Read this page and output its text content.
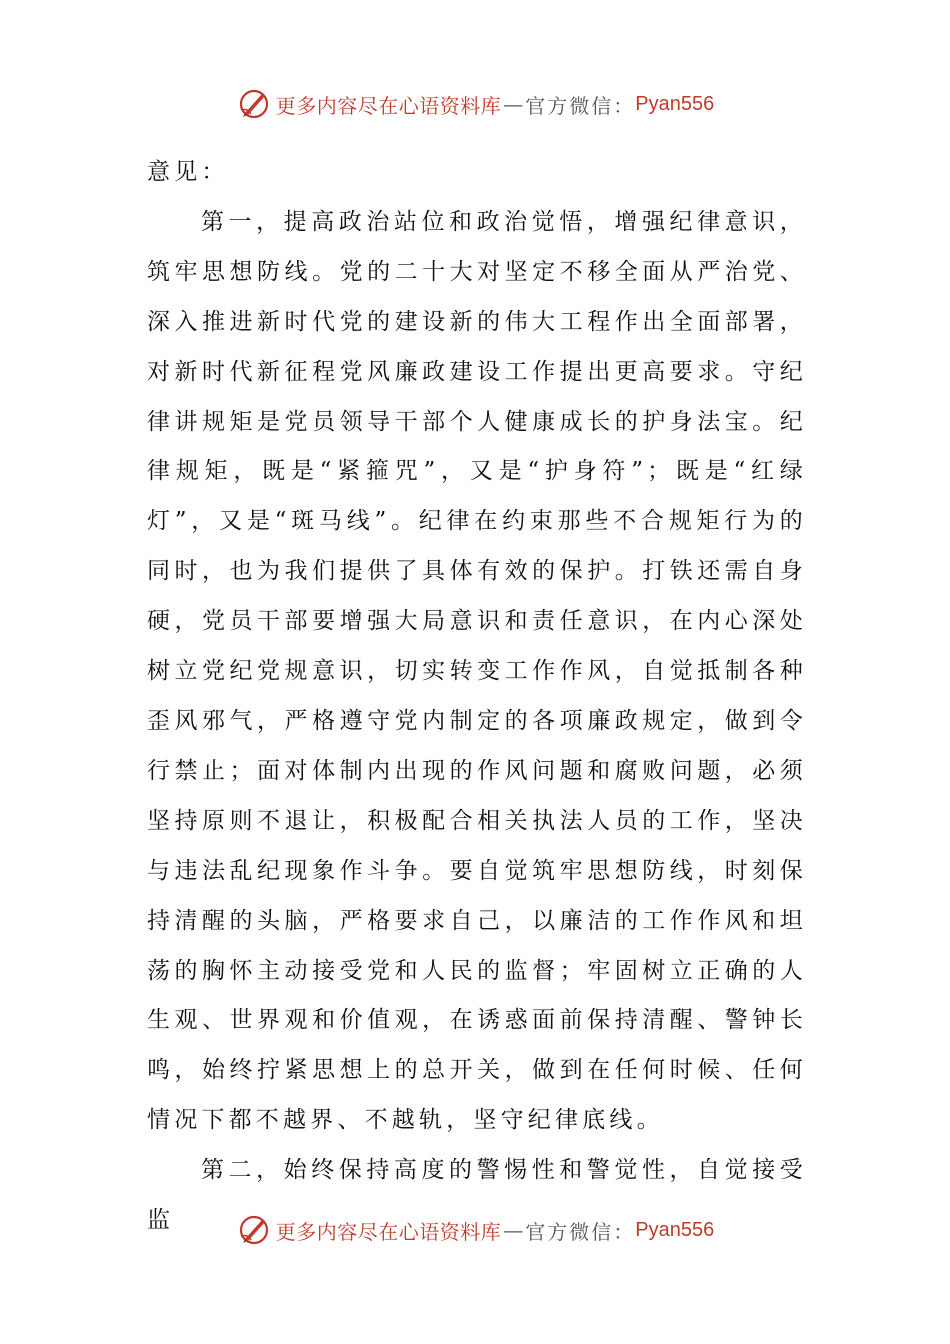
更多内容尽在心语资料库 — 官方微信： Pyan556

意见：

第一，提高政治站位和政治觉悟，增强纪律意识，筑牢思想防线。党的二十大对坚定不移全面从严治党、深入推进新时代党的建设新的伟大工程作出全面部署，对新时代新征程党风廉政建设工作提出更高要求。守纪律讲规矩是党员领导干部个人健康成长的护身法宝。纪律规矩，既是“紧箍咒”，又是“护身符”；既是“红绿灯”，又是“斑马线”。纪律在约束那些不合规矩行为的同时，也为我们提供了具体有效的保护。打铁还需自身硬，党员干部要增强大局意识和责任意识，在内心深处树立党纪党规意识，切实转变工作作风，自觉抵制各种歪风邪气，严格遵守党内制定的各项廉政规定，做到令行禁止；面对体制内出现的作风问题和腐败问题，必须坚持原则不退让，积极配合相关执法人员的工作，坚决与违法乱纪现象作斗争。要自觉筑牢思想防线，时刻保持清醒的头脑，严格要求自己，以廉洁的工作作风和坦荡的胸怀主动接受党和人民的监督；牢固树立正确的人生观、世界观和价值观，在诱惑面前保持清醒、警钟长鸣，始终拧紧思想上的总开关，做到在任何时候、任何情况下都不越界、不越轨，坚守纪律底线。

第二，始终保持高度的警惕性和警觉性，自觉接受监	更多内容尽在心语资料库 — 官方微信： Pyan556
